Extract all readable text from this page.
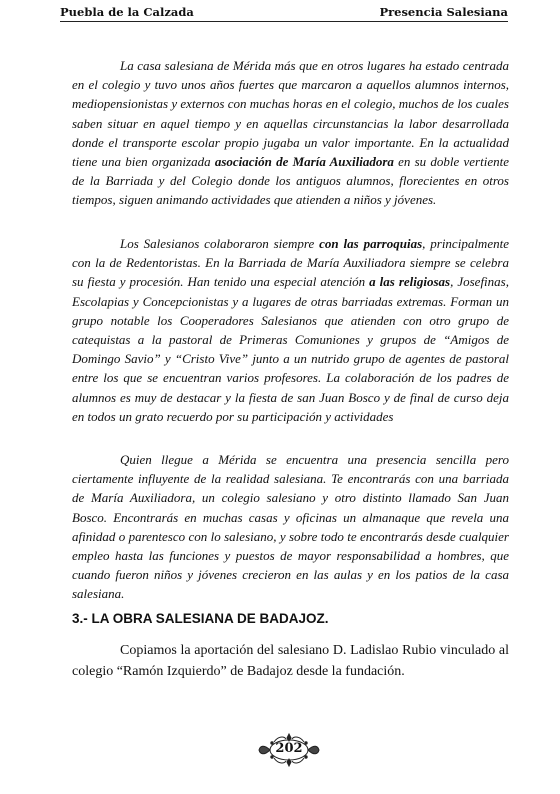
Puebla de la Calzada	Presencia Salesiana

La casa salesiana de Mérida más que en otros lugares ha estado centrada en el colegio y tuvo unos años fuertes que marcaron a aquellos alumnos internos, mediopensionistas y externos con muchas horas en el colegio, muchos de los cuales saben situar en aquel tiempo y en aquellas circunstancias la labor desarrollada donde el transporte escolar propio jugaba un valor importante. En la actualidad tiene una bien organizada asociación de María Auxiliadora en su doble vertiente de la Barriada y del Colegio donde los antiguos alumnos, florecientes en otros tiempos, siguen animando actividades que atienden a niños y jóvenes.

Los Salesianos colaboraron siempre con las parroquias, principalmente con la de Redentoristas. En la Barriada de María Auxiliadora siempre se celebra su fiesta y procesión. Han tenido una especial atención a las religiosas, Josefinas, Escolapias y Concepcionistas y a lugares de otras barriadas extremas. Forman un grupo notable los Cooperadores Salesianos que atienden con otro grupo de catequistas a la pastoral de Primeras Comuniones y grupos de “Amigos de Domingo Savio” y “Cristo Vive” junto a un nutrido grupo de agentes de pastoral entre los que se encuentran varios profesores. La colaboración de los padres de alumnos es muy de destacar y la fiesta de san Juan Bosco y de final de curso deja en todos un grato recuerdo por su participación y actividades

Quien llegue a Mérida se encuentra una presencia sencilla pero ciertamente influyente de la realidad salesiana. Te encontrarás con una barriada de María Auxiliadora, un colegio salesiano y otro distinto llamado San Juan Bosco. Encontrarás en muchas casas y oficinas un almanaque que revela una afinidad o parentesco con lo salesiano, y sobre todo te encontrarás desde cualquier empleo hasta las funciones y puestos de mayor responsabilidad a hombres, que cuando fueron niños y jóvenes crecieron en las aulas y en los patios de la casa salesiana.

3.- LA OBRA SALESIANA DE BADAJOZ.

Copiamos la aportación del salesiano D. Ladislao Rubio vinculado al colegio “Ramón Izquierdo” de Badajoz desde la fundación.

202
